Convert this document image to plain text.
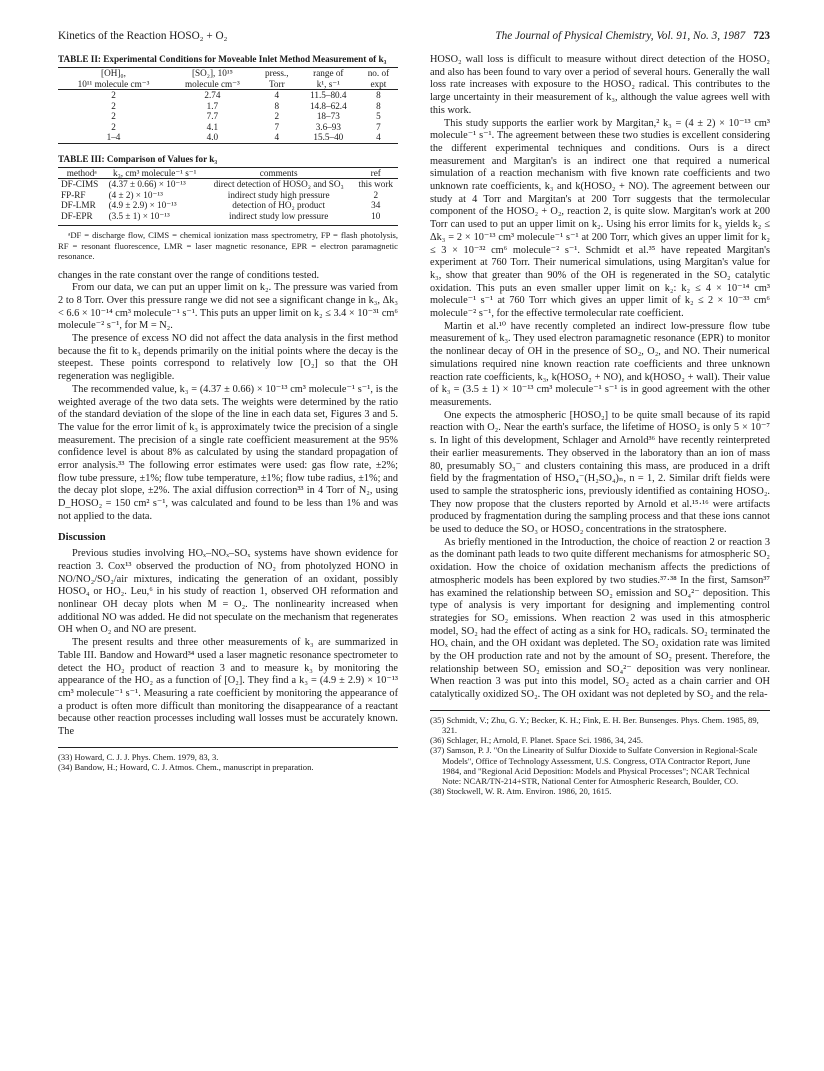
Kinetics of the Reaction HOSO₂ + O₂	The Journal of Physical Chemistry, Vol. 91, No. 3, 1987 723
TABLE II: Experimental Conditions for Moveable Inlet Method Measurement of k₃
[OH]₀,	[SO₂], 10¹⁵	press.,	range of	no. of
10¹¹ molecule cm⁻³	molecule cm⁻³	Torr	k¹, s⁻¹	expt
2	2.74	4	11.5–80.4	8
2	1.7	8	14.8–62.4	8
2	7.7	2	18–73	5
2	4.1	7	3.6–93	7
1–4	4.0	4	15.5–40	4
TABLE III: Comparison of Values for k₃
methodᵃ	k₃, cm³ molecule⁻¹ s⁻¹	comments	ref
DF-CIMS	(4.37 ± 0.66) × 10⁻¹³	direct detection of HOSO₂ and SO₃	this work
FP-RF	(4 ± 2) × 10⁻¹³	indirect study high pressure	2
DF-LMR	(4.9 ± 2.9) × 10⁻¹³	detection of HO₂ product	34
DF-EPR	(3.5 ± 1) × 10⁻¹³	indirect study low pressure	10

ᵃDF = discharge flow, CIMS = chemical ionization mass spectrometry, FP = flash photolysis, RF = resonant fluorescence, LMR = laser magnetic resonance, EPR = electron paramagnetic resonance.

changes in the rate constant over the range of conditions tested.

From our data, we can put an upper limit on k₂. The pressure was varied from 2 to 8 Torr. Over this pressure range we did not see a significant change in k₃, Δk₃ < 6.6 × 10⁻¹⁴ cm³ molecule⁻¹ s⁻¹. This puts an upper limit on k₂ ≤ 3.4 × 10⁻³¹ cm⁶ molecule⁻² s⁻¹, for M = N₂.

The presence of excess NO did not affect the data analysis in the first method because the fit to k₃ depends primarily on the initial points where the decay is the steepest. These points correspond to relatively low [O₂] so that the OH regeneration was negligible.

The recommended value, k₃ = (4.37 ± 0.66) × 10⁻¹³ cm³ molecule⁻¹ s⁻¹, is the weighted average of the two data sets. The weights were determined by the ratio of the standard deviation of the slope of the line in each data set, Figures 3 and 5. The value for the error limit of k₃ is approximately twice the precision of a single measurement. The precision of a single rate coefficient measurement at the 95% confidence level is about 8% as calculated by using the standard propagation of error analysis.³³ The following error estimates were used: gas flow rate, ±2%; flow tube pressure, ±1%; flow tube temperature, ±1%; flow tube radius, ±1%; and the decay plot slope, ±2%. The axial diffusion correction³³ in 4 Torr of N₂, using D_HOSO₂ = 150 cm² s⁻¹, was calculated and found to be less than 1% and was not applied to the data.

Discussion

Previous studies involving HOₓ–NOₓ–SOₓ systems have shown evidence for reaction 3. Cox¹³ observed the production of NO₂ from photolyzed HONO in NO/NO₂/SO₂/air mixtures, indicating the generation of an oxidant, possibly HOSO₄ or HO₂. Leu,⁶ in his study of reaction 1, observed OH reformation and nonlinear OH decay plots when M = O₂. The nonlinearity increased when additional NO was added. He did not speculate on the mechanism that regenerates OH when O₂ and NO are present.

The present results and three other measurements of k₃ are summarized in Table III. Bandow and Howard³⁴ used a laser magnetic resonance spectrometer to detect the HO₂ product of reaction 3 and to measure k₃ by monitoring the appearance of the HO₂ as a function of [O₂]. They find a k₃ = (4.9 ± 2.9) × 10⁻¹³ cm³ molecule⁻¹ s⁻¹. Measuring a rate coefficient by monitoring the appearance of a product is often more difficult than monitoring the disappearance of a reactant because other reaction processes including wall losses must be accurately known. The

(33) Howard, C. J. J. Phys. Chem. 1979, 83, 3.
(34) Bandow, H.; Howard, C. J. Atmos. Chem., manuscript in preparation.

HOSO₂ wall loss is difficult to measure without direct detection of the HOSO₂ and also has been found to vary over a period of several hours. Generally the wall loss rate increases with exposure to the HOSO₂ radical. This contributes to the large uncertainty in their measurement of k₃, although the value agrees well with this work.

This study supports the earlier work by Margitan,² k₃ = (4 ± 2) × 10⁻¹³ cm³ molecule⁻¹ s⁻¹. The agreement between these two studies is excellent considering the different experimental techniques and conditions. Ours is a direct measurement and Margitan's is an indirect one that required a numerical simulation of a reaction mechanism with five known rate coefficients and two unknown rate coefficients, k₃ and k(HOSO₂ + NO). The agreement between our study at 4 Torr and Margitan's at 200 Torr suggests that the termolecular component of the HOSO₂ + O₂, reaction 2, is quite slow. Margitan's work at 200 Torr can used to put an upper limit on k₂. Using his error limits for k₃ yields k₂ ≤ Δk₃ = 2 × 10⁻¹³ cm³ molecule⁻¹ s⁻¹ at 200 Torr, which gives an upper limit for k₂ ≤ 3 × 10⁻³² cm⁶ molecule⁻² s⁻¹. Schmidt et al.³⁵ have repeated Margitan's experiment at 760 Torr. Their numerical simulations, using Margitan's value for k₃, show that greater than 90% of the OH is regenerated in the SO₂ catalytic oxidation. This puts an even smaller upper limit on k₂: k₂ ≤ 4 × 10⁻¹⁴ cm³ molecule⁻¹ s⁻¹ at 760 Torr which gives an upper limit of k₂ ≤ 2 × 10⁻³³ cm⁶ molecule⁻² s⁻¹, for the effective termolecular rate coefficient.

Martin et al.¹⁰ have recently completed an indirect low-pressure flow tube measurement of k₃. They used electron paramagnetic resonance (EPR) to monitor the nonlinear decay of OH in the presence of SO₂, O₂, and NO. Their numerical simulations required nine known reaction rate coefficients and three unknown reaction rate coefficients, k₃, k(HOSO₂ + NO), and k(HOSO₂ + wall). Their value of k₃ = (3.5 ± 1) × 10⁻¹³ cm³ molecule⁻¹ s⁻¹ is in good agreement with the other measurements.

One expects the atmospheric [HOSO₂] to be quite small because of its rapid reaction with O₂. Near the earth's surface, the lifetime of HOSO₂ is only 5 × 10⁻⁷ s. In light of this development, Schlager and Arnold³⁶ have recently reinterpreted their earlier measurements. They observed in the laboratory than an ion of mass 80, presumably SO₃⁻ and clusters containing this mass, are produced in a drift field by the fragmentation of HSO₄⁻(H₂SO₄)ₙ, n = 1, 2. Similar drift fields were used to sample the stratospheric ions, previously identified as containing HOSO₂. They now propose that the clusters reported by Arnold et al.¹⁵·¹⁶ were artifacts produced by fragmentation during the sampling process and that these ions cannot be used to deduce the SO₃ or HOSO₂ concentrations in the stratosphere.

As briefly mentioned in the Introduction, the choice of reaction 2 or reaction 3 as the dominant path leads to two quite different mechanisms for atmospheric SO₂ oxidation. How the choice of oxidation mechanism affects the predictions of atmospheric models has been explored by two studies.³⁷·³⁸ In the first, Samson³⁷ has examined the relationship between SO₂ emission and SO₄²⁻ deposition. This type of analysis is very important for designing and implementing control strategies for SO₂ emissions. When reaction 2 was used in this atmospheric model, SO₂ had the effect of acting as a sink for HOₓ radicals. SO₂ terminated the HOₓ chain, and the OH oxidant was depleted. The SO₂ oxidation rate was limited by the OH production rate and not by the amount of SO₂ present. Therefore, the relationship between SO₂ emission and SO₄²⁻ deposition was very nonlinear. When reaction 3 was put into this model, SO₂ acted as a chain carrier and OH catalytically oxidized SO₂. The OH oxidant was not depleted by SO₂ and the rela-

(35) Schmidt, V.; Zhu, G. Y.; Becker, K. H.; Fink, E. H. Ber. Bunsenges. Phys. Chem. 1985, 89, 321.
(36) Schlager, H.; Arnold, F. Planet. Space Sci. 1986, 34, 245.
(37) Samson, P. J. "On the Linearity of Sulfur Dioxide to Sulfate Conversion in Regional-Scale Models", Office of Technology Assessment, U.S. Congress, OTA Contractor Report, June 1984, and "Regional Acid Deposition: Models and Physical Processes"; NCAR Technical Note: NCAR/TN-214+STR, National Center for Atmospheric Research, Boulder, CO.
(38) Stockwell, W. R. Atm. Environ. 1986, 20, 1615.
